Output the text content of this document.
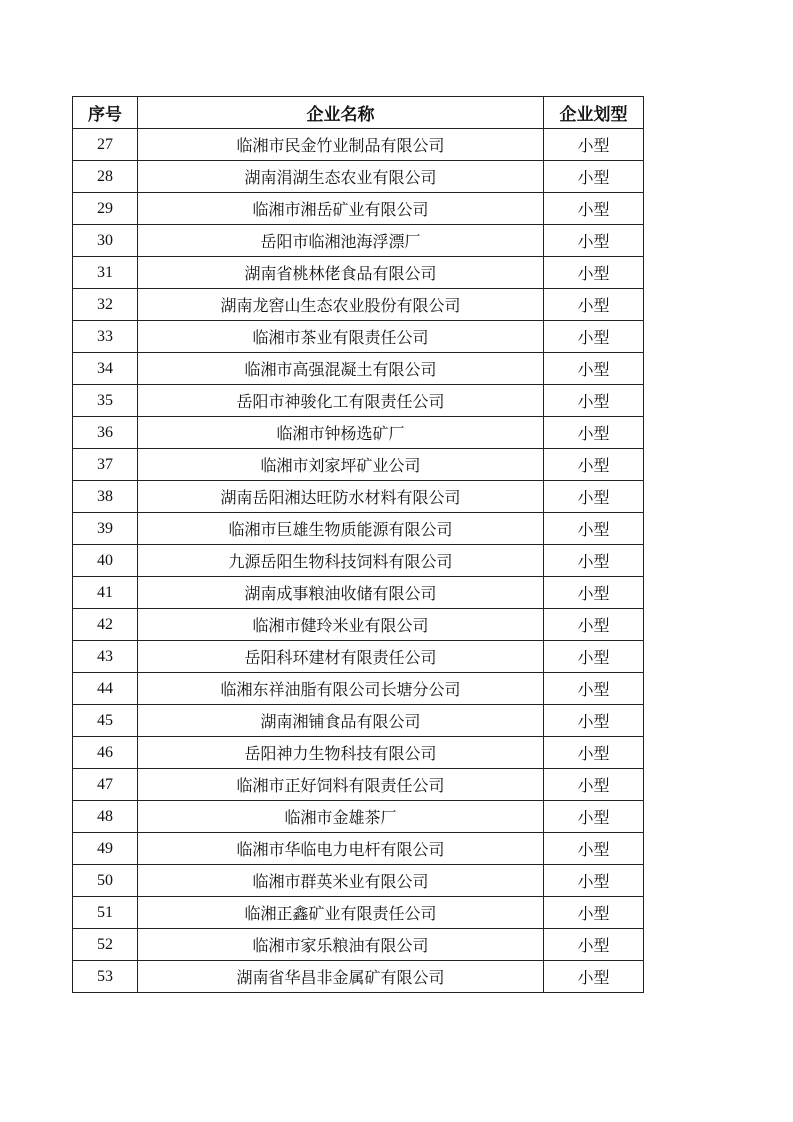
序号	企业名称	企业划型
27	临湘市民金竹业制品有限公司	小型
28	湖南涓湖生态农业有限公司	小型
29	临湘市湘岳矿业有限公司	小型
30	岳阳市临湘池海浮漂厂	小型
31	湖南省桃林佬食品有限公司	小型
32	湖南龙窖山生态农业股份有限公司	小型
33	临湘市茶业有限责任公司	小型
34	临湘市高强混凝土有限公司	小型
35	岳阳市神骏化工有限责任公司	小型
36	临湘市钟杨选矿厂	小型
37	临湘市刘家坪矿业公司	小型
38	湖南岳阳湘达旺防水材料有限公司	小型
39	临湘市巨雄生物质能源有限公司	小型
40	九源岳阳生物科技饲料有限公司	小型
41	湖南成事粮油收储有限公司	小型
42	临湘市健玲米业有限公司	小型
43	岳阳科环建材有限责任公司	小型
44	临湘东祥油脂有限公司长塘分公司	小型
45	湖南湘铺食品有限公司	小型
46	岳阳神力生物科技有限公司	小型
47	临湘市正好饲料有限责任公司	小型
48	临湘市金雄茶厂	小型
49	临湘市华临电力电杆有限公司	小型
50	临湘市群英米业有限公司	小型
51	临湘正鑫矿业有限责任公司	小型
52	临湘市家乐粮油有限公司	小型
53	湖南省华昌非金属矿有限公司	小型
